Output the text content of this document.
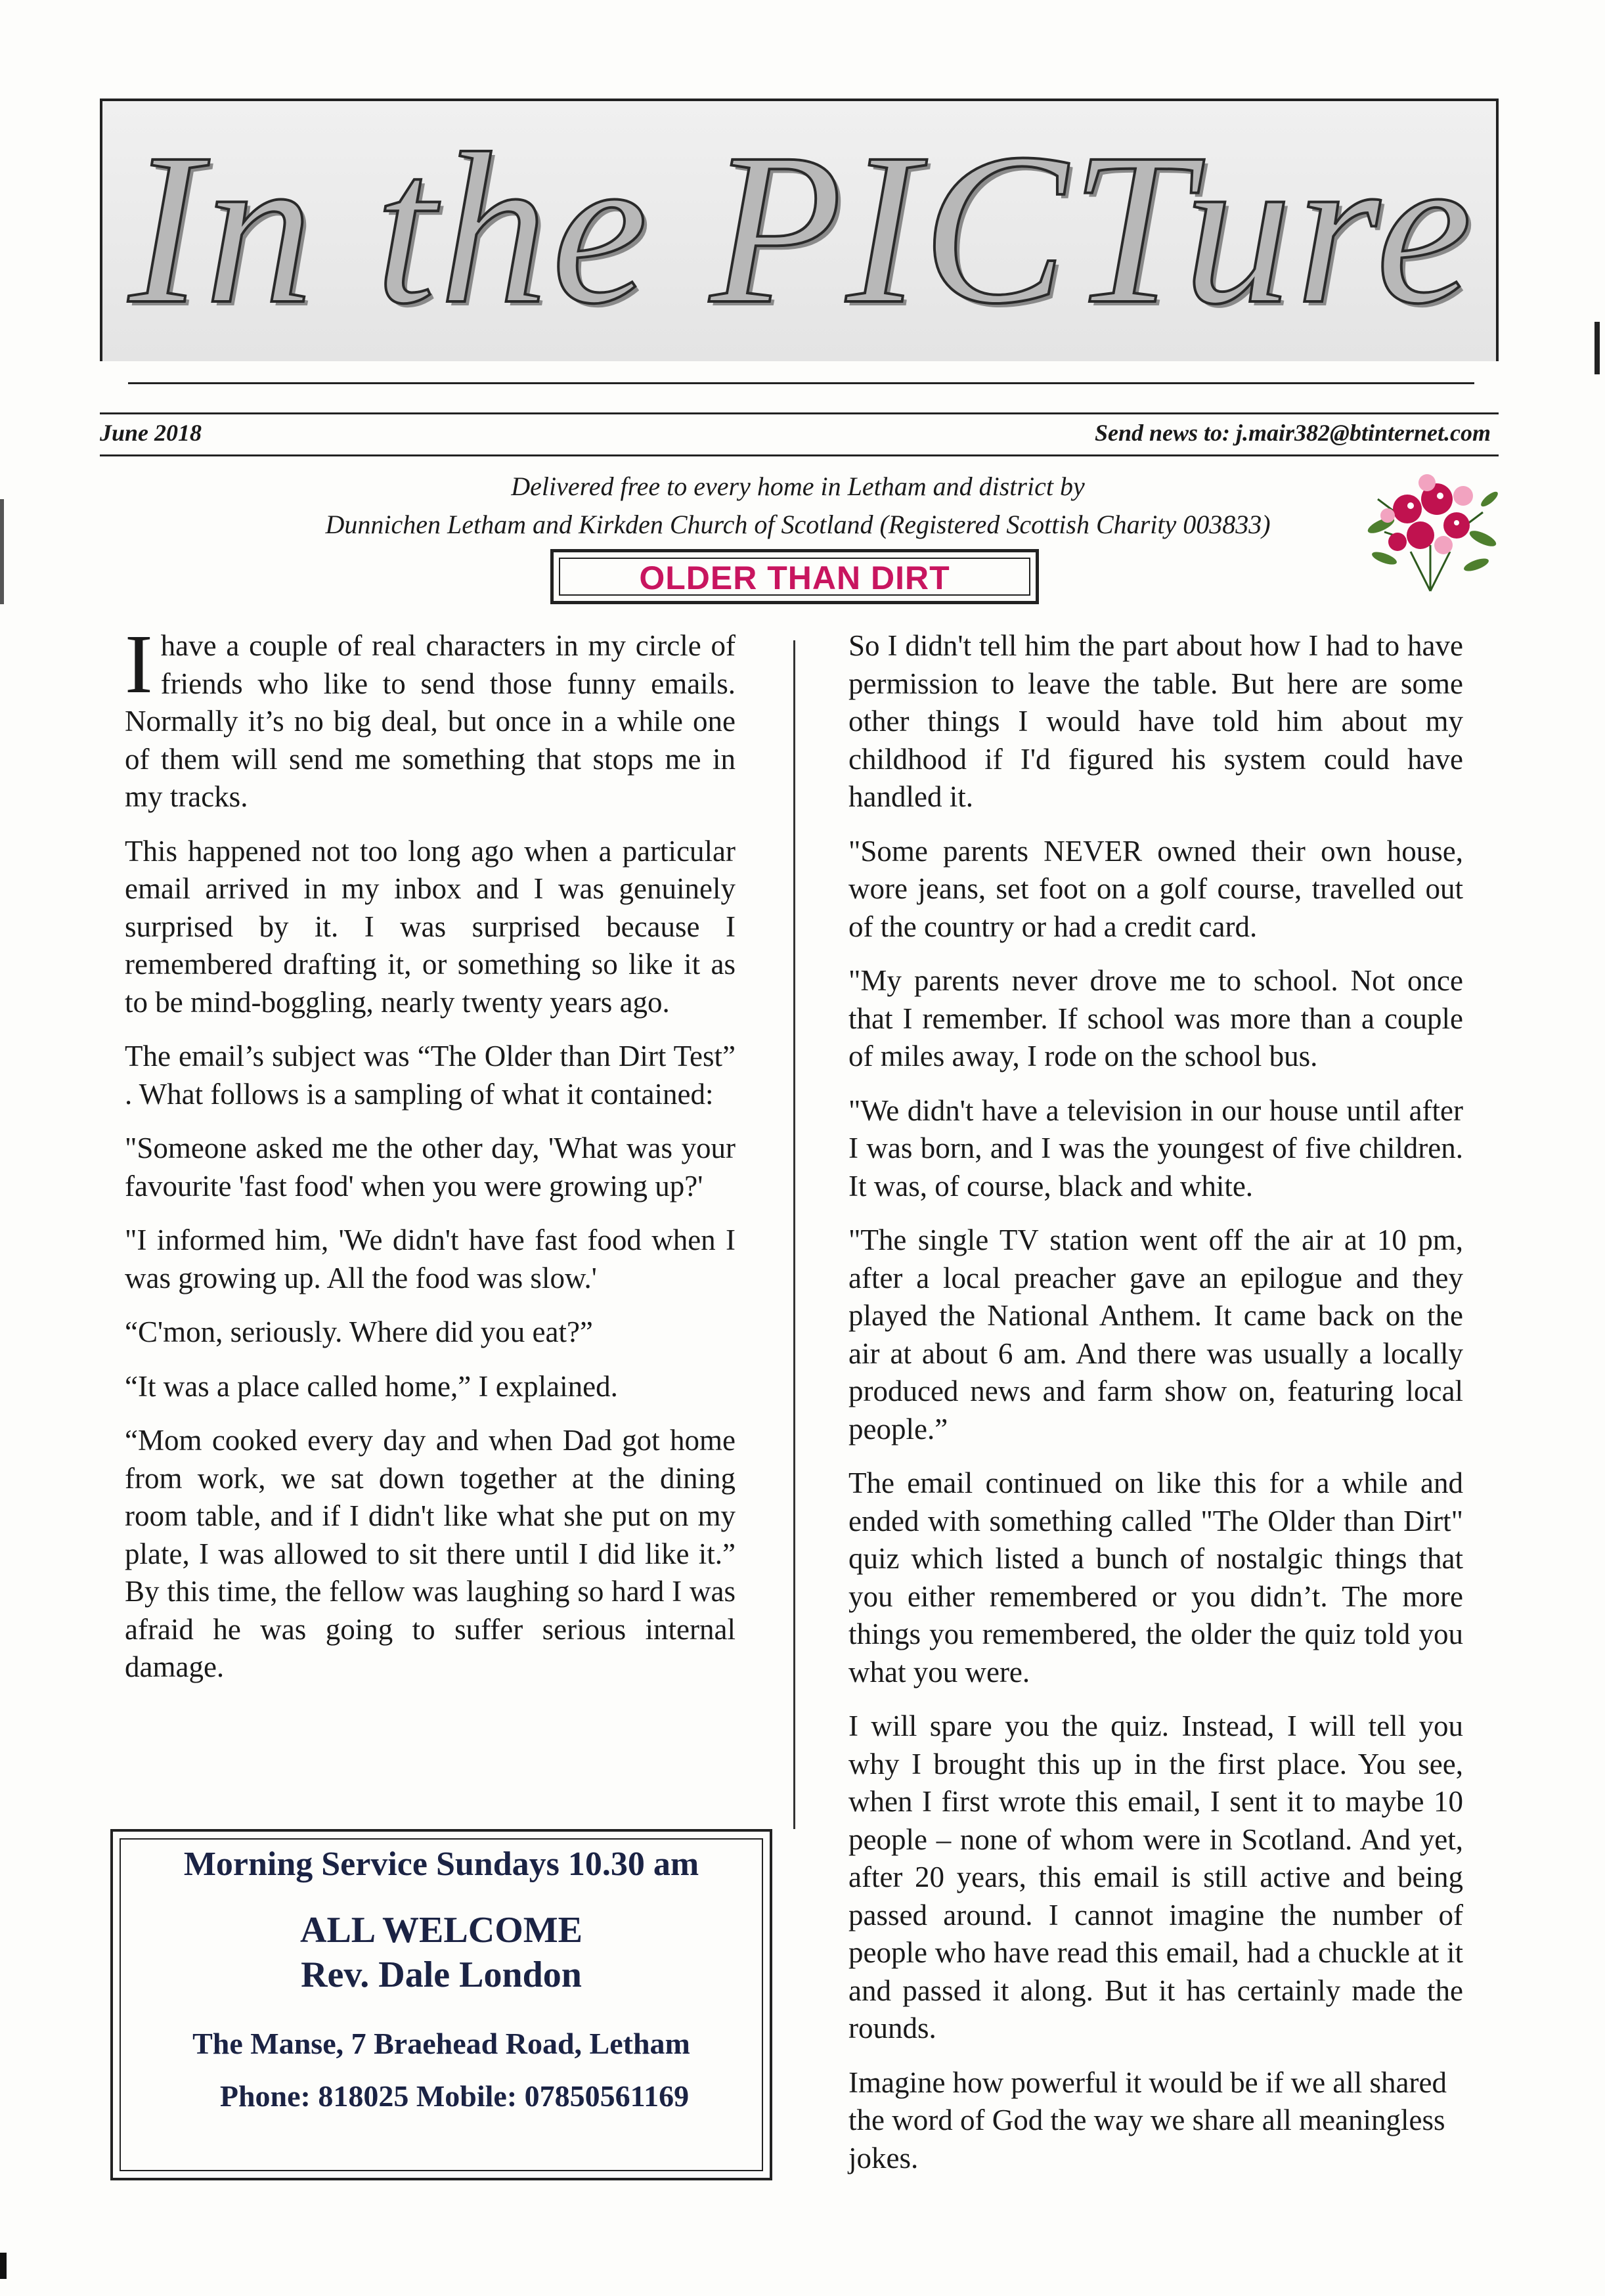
In the PICTure
June 2018	Send news to: j.mair382@btinternet.com
Delivered free to every home in Letham and district by
Dunnichen Letham and Kirkden Church of Scotland (Registered Scottish Charity 003833)
OLDER THAN DIRT

Ihave a couple of real characters in my circle of friends who like to send those funny emails. Normally it’s no big deal, but once in a while one of them will send me something that stops me in my tracks.

This happened not too long ago when a particular email arrived in my inbox and I was genuinely surprised by it. I was surprised because I remembered drafting it, or something so like it as to be mind-boggling, nearly twenty years ago.

The email’s subject was “The Older than Dirt Test” . What follows is a sampling of what it contained:

"Someone asked me the other day, 'What was your favourite 'fast food' when you were growing up?'

"I informed him, 'We didn't have fast food when I was growing up. All the food was slow.'

“C'mon, seriously. Where did you eat?”

“It was a place called home,” I explained.

“Mom cooked every day and when Dad got home from work, we sat down together at the dining room table, and if I didn't like what she put on my plate, I was allowed to sit there until I did like it.” By this time, the fellow was laughing so hard I was afraid he was going to suffer serious internal damage.

So I didn't tell him the part about how I had to have permission to leave the table. But here are some other things I would have told him about my childhood if I'd figured his system could have handled it.

"Some parents NEVER owned their own house, wore jeans, set foot on a golf course, travelled out of the country or had a credit card.

"My parents never drove me to school. Not once that I remember. If school was more than a couple of miles away, I rode on the school bus.

"We didn't have a television in our house until after I was born, and I was the youngest of five children. It was, of course, black and white.

"The single TV station went off the air at 10 pm, after a local preacher gave an epilogue and they played the National Anthem. It came back on the air at about 6 am. And there was usually a locally produced news and farm show on, featuring local people.”

The email continued on like this for a while and ended with something called "The Older than Dirt" quiz which listed a bunch of nostalgic things that you either remembered or you didn’t. The more things you remembered, the older the quiz told you what you were.

I will spare you the quiz. Instead, I will tell you why I brought this up in the first place. You see, when I first wrote this email, I sent it to maybe 10 people – none of whom were in Scotland. And yet, after 20 years, this email is still active and being passed around. I cannot imagine the number of people who have read this email, had a chuckle at it and passed it along. But it has certainly made the rounds.

Imagine how powerful it would be if we all shared the word of God the way we share all meaningless jokes.

Morning Service Sundays 10.30 am
ALL WELCOME
Rev. Dale London
The Manse, 7 Braehead Road, Letham
Phone: 818025 Mobile: 07850561169
